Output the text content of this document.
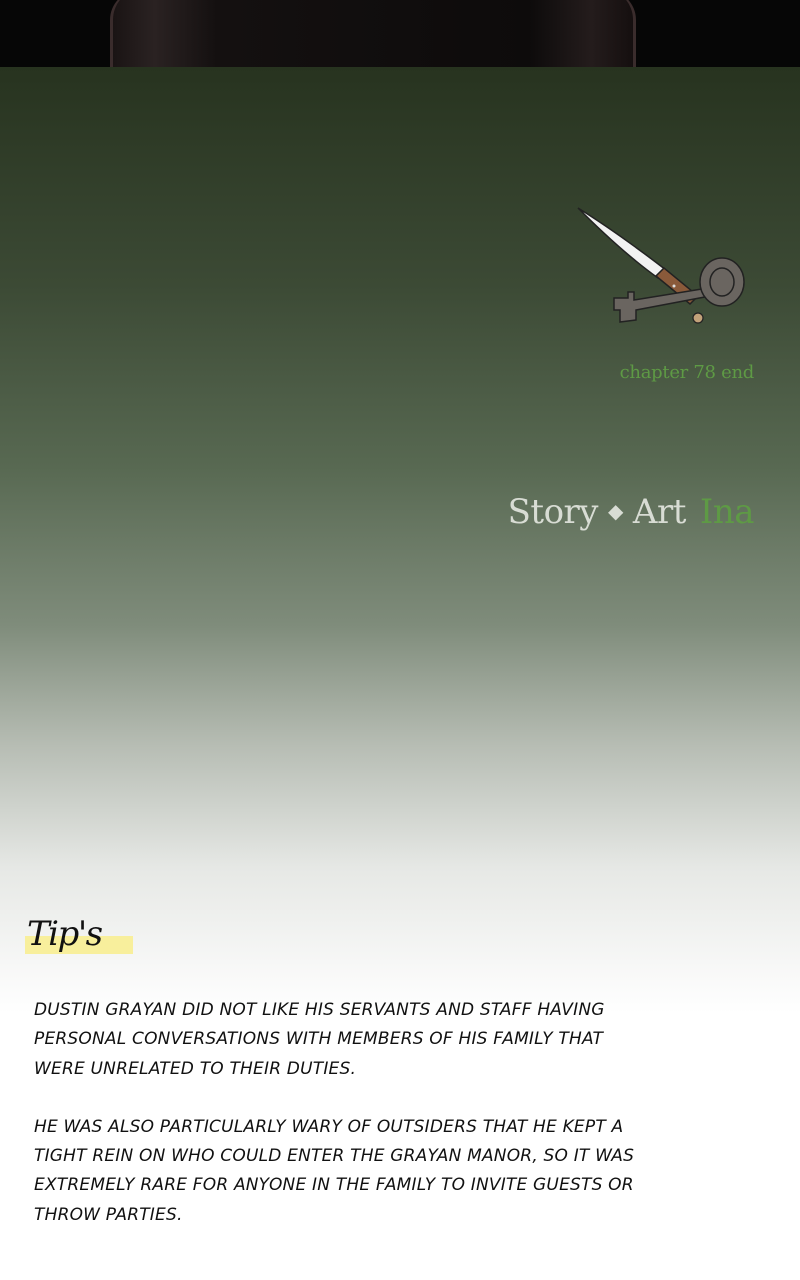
chapter 78 end
Story ◆ Art Ina
Tip's

DUSTIN GRAYAN DID NOT LIKE HIS SERVANTS AND STAFF HAVING PERSONAL CONVERSATIONS WITH MEMBERS OF HIS FAMILY THAT WERE UNRELATED TO THEIR DUTIES.

HE WAS ALSO PARTICULARLY WARY OF OUTSIDERS THAT HE KEPT A TIGHT REIN ON WHO COULD ENTER THE GRAYAN MANOR, SO IT WAS EXTREMELY RARE FOR ANYONE IN THE FAMILY TO INVITE GUESTS OR THROW PARTIES.
